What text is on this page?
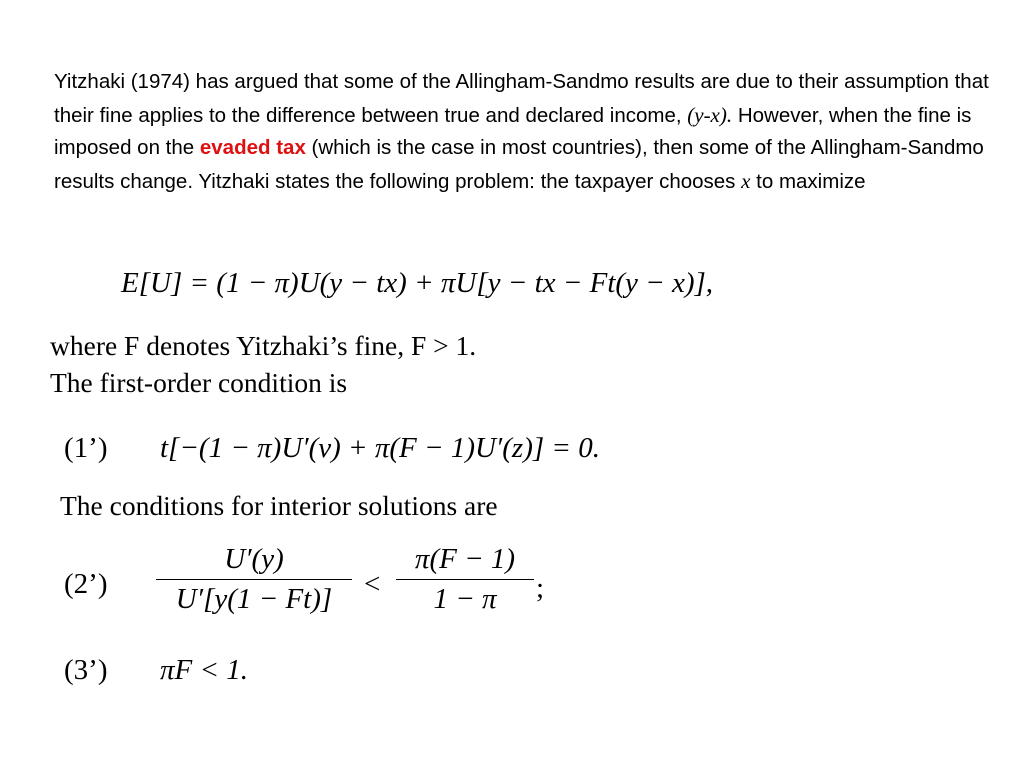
Yitzhaki (1974) has argued that some of the Allingham-Sandmo results are due to their assumption that their fine applies to the difference between true and declared income, (y-x). However, when the fine is imposed on the evaded tax (which is the case in most countries), then some of the Allingham-Sandmo results change. Yitzhaki states the following problem: the taxpayer chooses x to maximize
E[U] = (1 − π)U(y − tx) + πU[y − tx − Ft(y − x)],
where F denotes Yitzhaki’s fine, F > 1.
The first-order condition is
(1’) t[−(1 − π)U′(v) + π(F − 1)U′(z)] = 0.
The conditions for interior solutions are
(2’)
U′(y)
U′[y(1 − Ft)]	<
π(F − 1)
1 − π	;
(3’) πF < 1.
